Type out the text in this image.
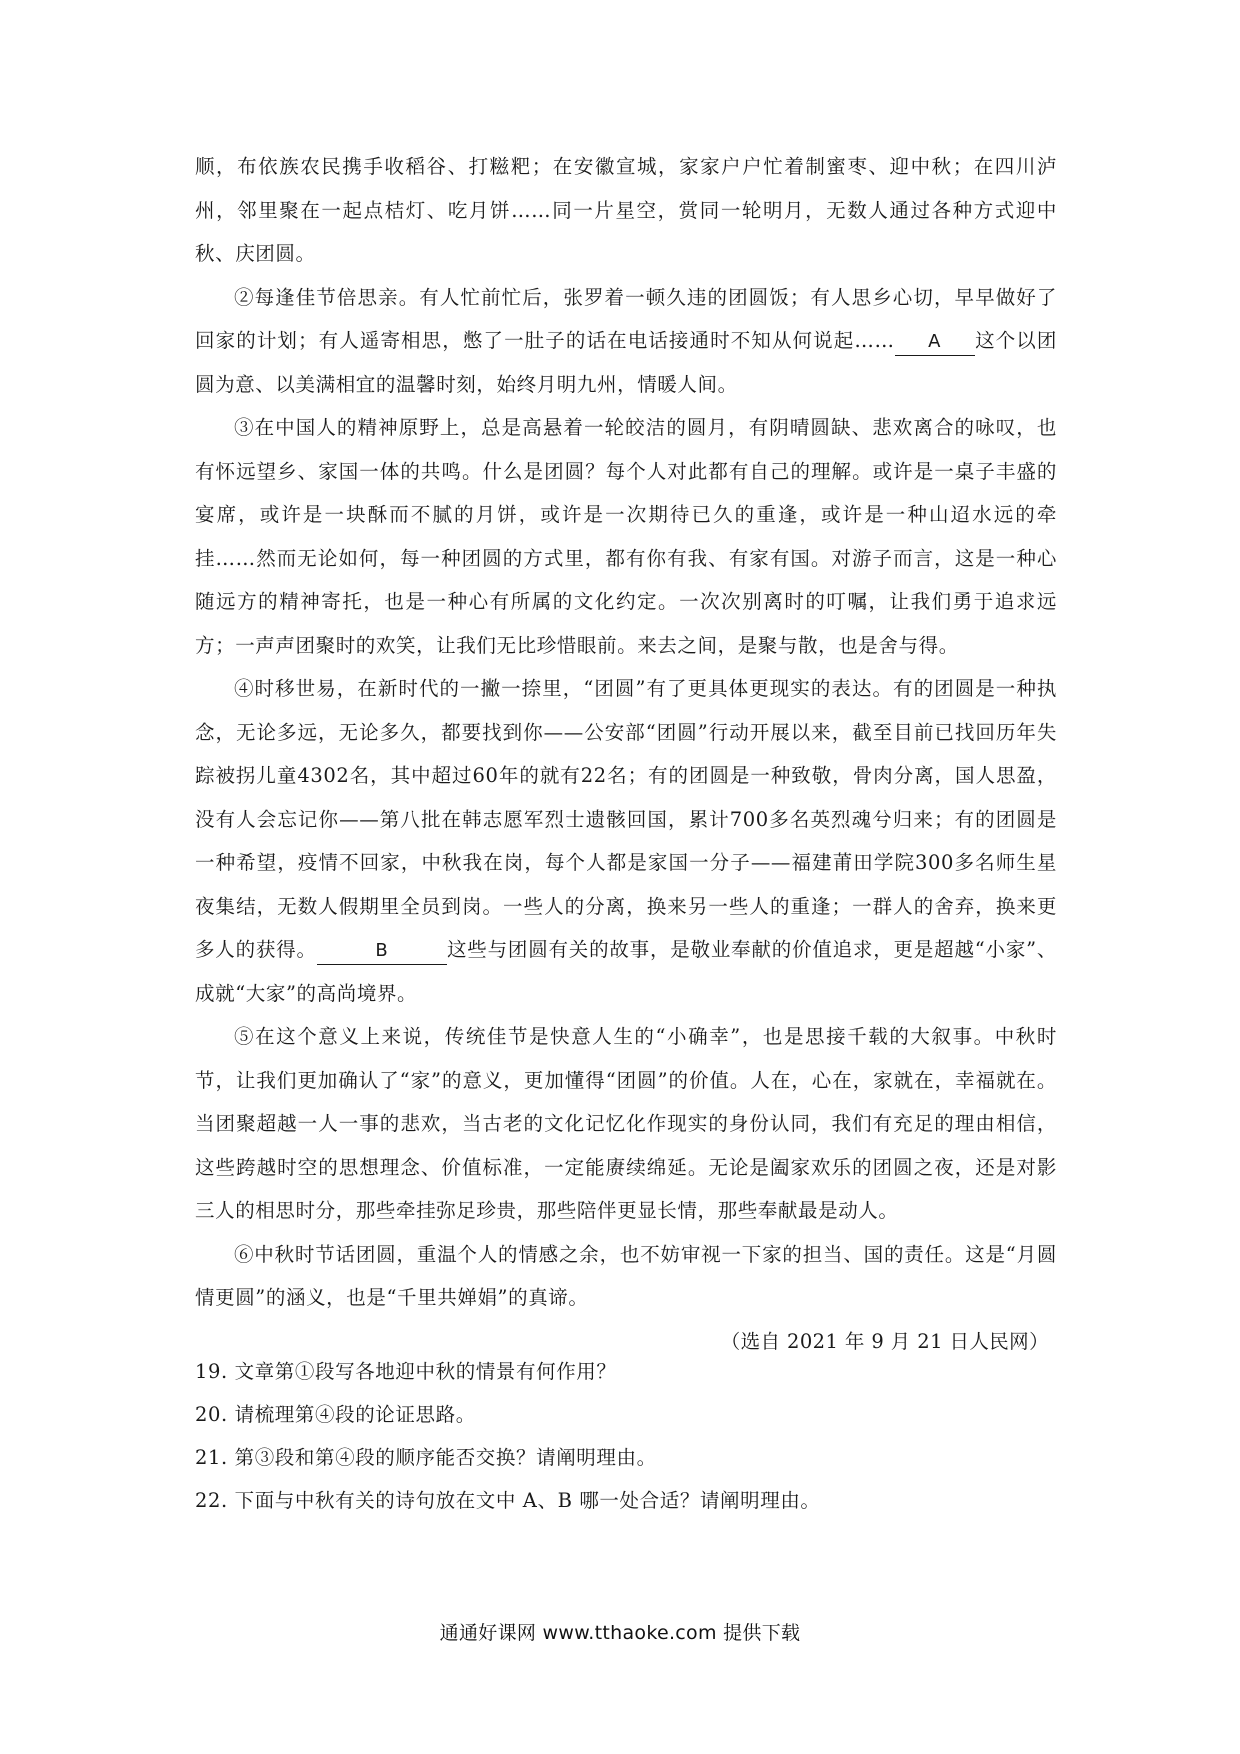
顺，布依族农民携手收稻谷、打糍粑；在安徽宣城，家家户户忙着制蜜枣、迎中秋；在四川泸州，邻里聚在一起点桔灯、吃月饼……同一片星空，赏同一轮明月，无数人通过各种方式迎中秋、庆团圆。

②每逢佳节倍思亲。有人忙前忙后，张罗着一顿久违的团圆饭；有人思乡心切，早早做好了回家的计划；有人遥寄相思，憋了一肚子的话在电话接通时不知从何说起…… A 这个以团圆为意、以美满相宜的温馨时刻，始终月明九州，情暖人间。

③在中国人的精神原野上，总是高悬着一轮皎洁的圆月，有阴晴圆缺、悲欢离合的咏叹，也有怀远望乡、家国一体的共鸣。什么是团圆？每个人对此都有自己的理解。或许是一桌子丰盛的宴席，或许是一块酥而不腻的月饼，或许是一次期待已久的重逢，或许是一种山迢水远的牵挂……然而无论如何，每一种团圆的方式里，都有你有我、有家有国。对游子而言，这是一种心随远方的精神寄托，也是一种心有所属的文化约定。一次次别离时的叮嘱，让我们勇于追求远方；一声声团聚时的欢笑，让我们无比珍惜眼前。来去之间，是聚与散，也是舍与得。

④时移世易，在新时代的一撇一捺里，“团圆”有了更具体更现实的表达。有的团圆是一种执念，无论多远，无论多久，都要找到你——公安部“团圆”行动开展以来，截至目前已找回历年失踪被拐儿童4302名，其中超过60年的就有22名；有的团圆是一种致敬，骨肉分离，国人思盈，没有人会忘记你——第八批在韩志愿军烈士遗骸回国，累计700多名英烈魂兮归来；有的团圆是一种希望，疫情不回家，中秋我在岗，每个人都是家国一分子——福建莆田学院300多名师生星夜集结，无数人假期里全员到岗。一些人的分离，换来另一些人的重逢；一群人的舍弃，换来更多人的获得。	B	这些与团圆有关的故事，是敬业奉献的价值追求，更是超越“小家”、成就“大家”的高尚境界。

⑤在这个意义上来说，传统佳节是快意人生的“小确幸”，也是思接千载的大叙事。中秋时节，让我们更加确认了“家”的意义，更加懂得“团圆”的价值。人在，心在，家就在，幸福就在。当团聚超越一人一事的悲欢，当古老的文化记忆化作现实的身份认同，我们有充足的理由相信，这些跨越时空的思想理念、价值标准，一定能赓续绵延。无论是阖家欢乐的团圆之夜，还是对影三人的相思时分，那些牵挂弥足珍贵，那些陪伴更显长情，那些奉献最是动人。

⑥中秋时节话团圆，重温个人的情感之余，也不妨审视一下家的担当、国的责任。这是“月圆情更圆”的涵义，也是“千里共婵娟”的真谛。

（选自 2021 年 9 月 21 日人民网）

19. 文章第①段写各地迎中秋的情景有何作用？

20. 请梳理第④段的论证思路。

21. 第③段和第④段的顺序能否交换？请阐明理由。

22. 下面与中秋有关的诗句放在文中 A、B 哪一处合适？请阐明理由。

通通好课网 www.tthaoke.com 提供下载
